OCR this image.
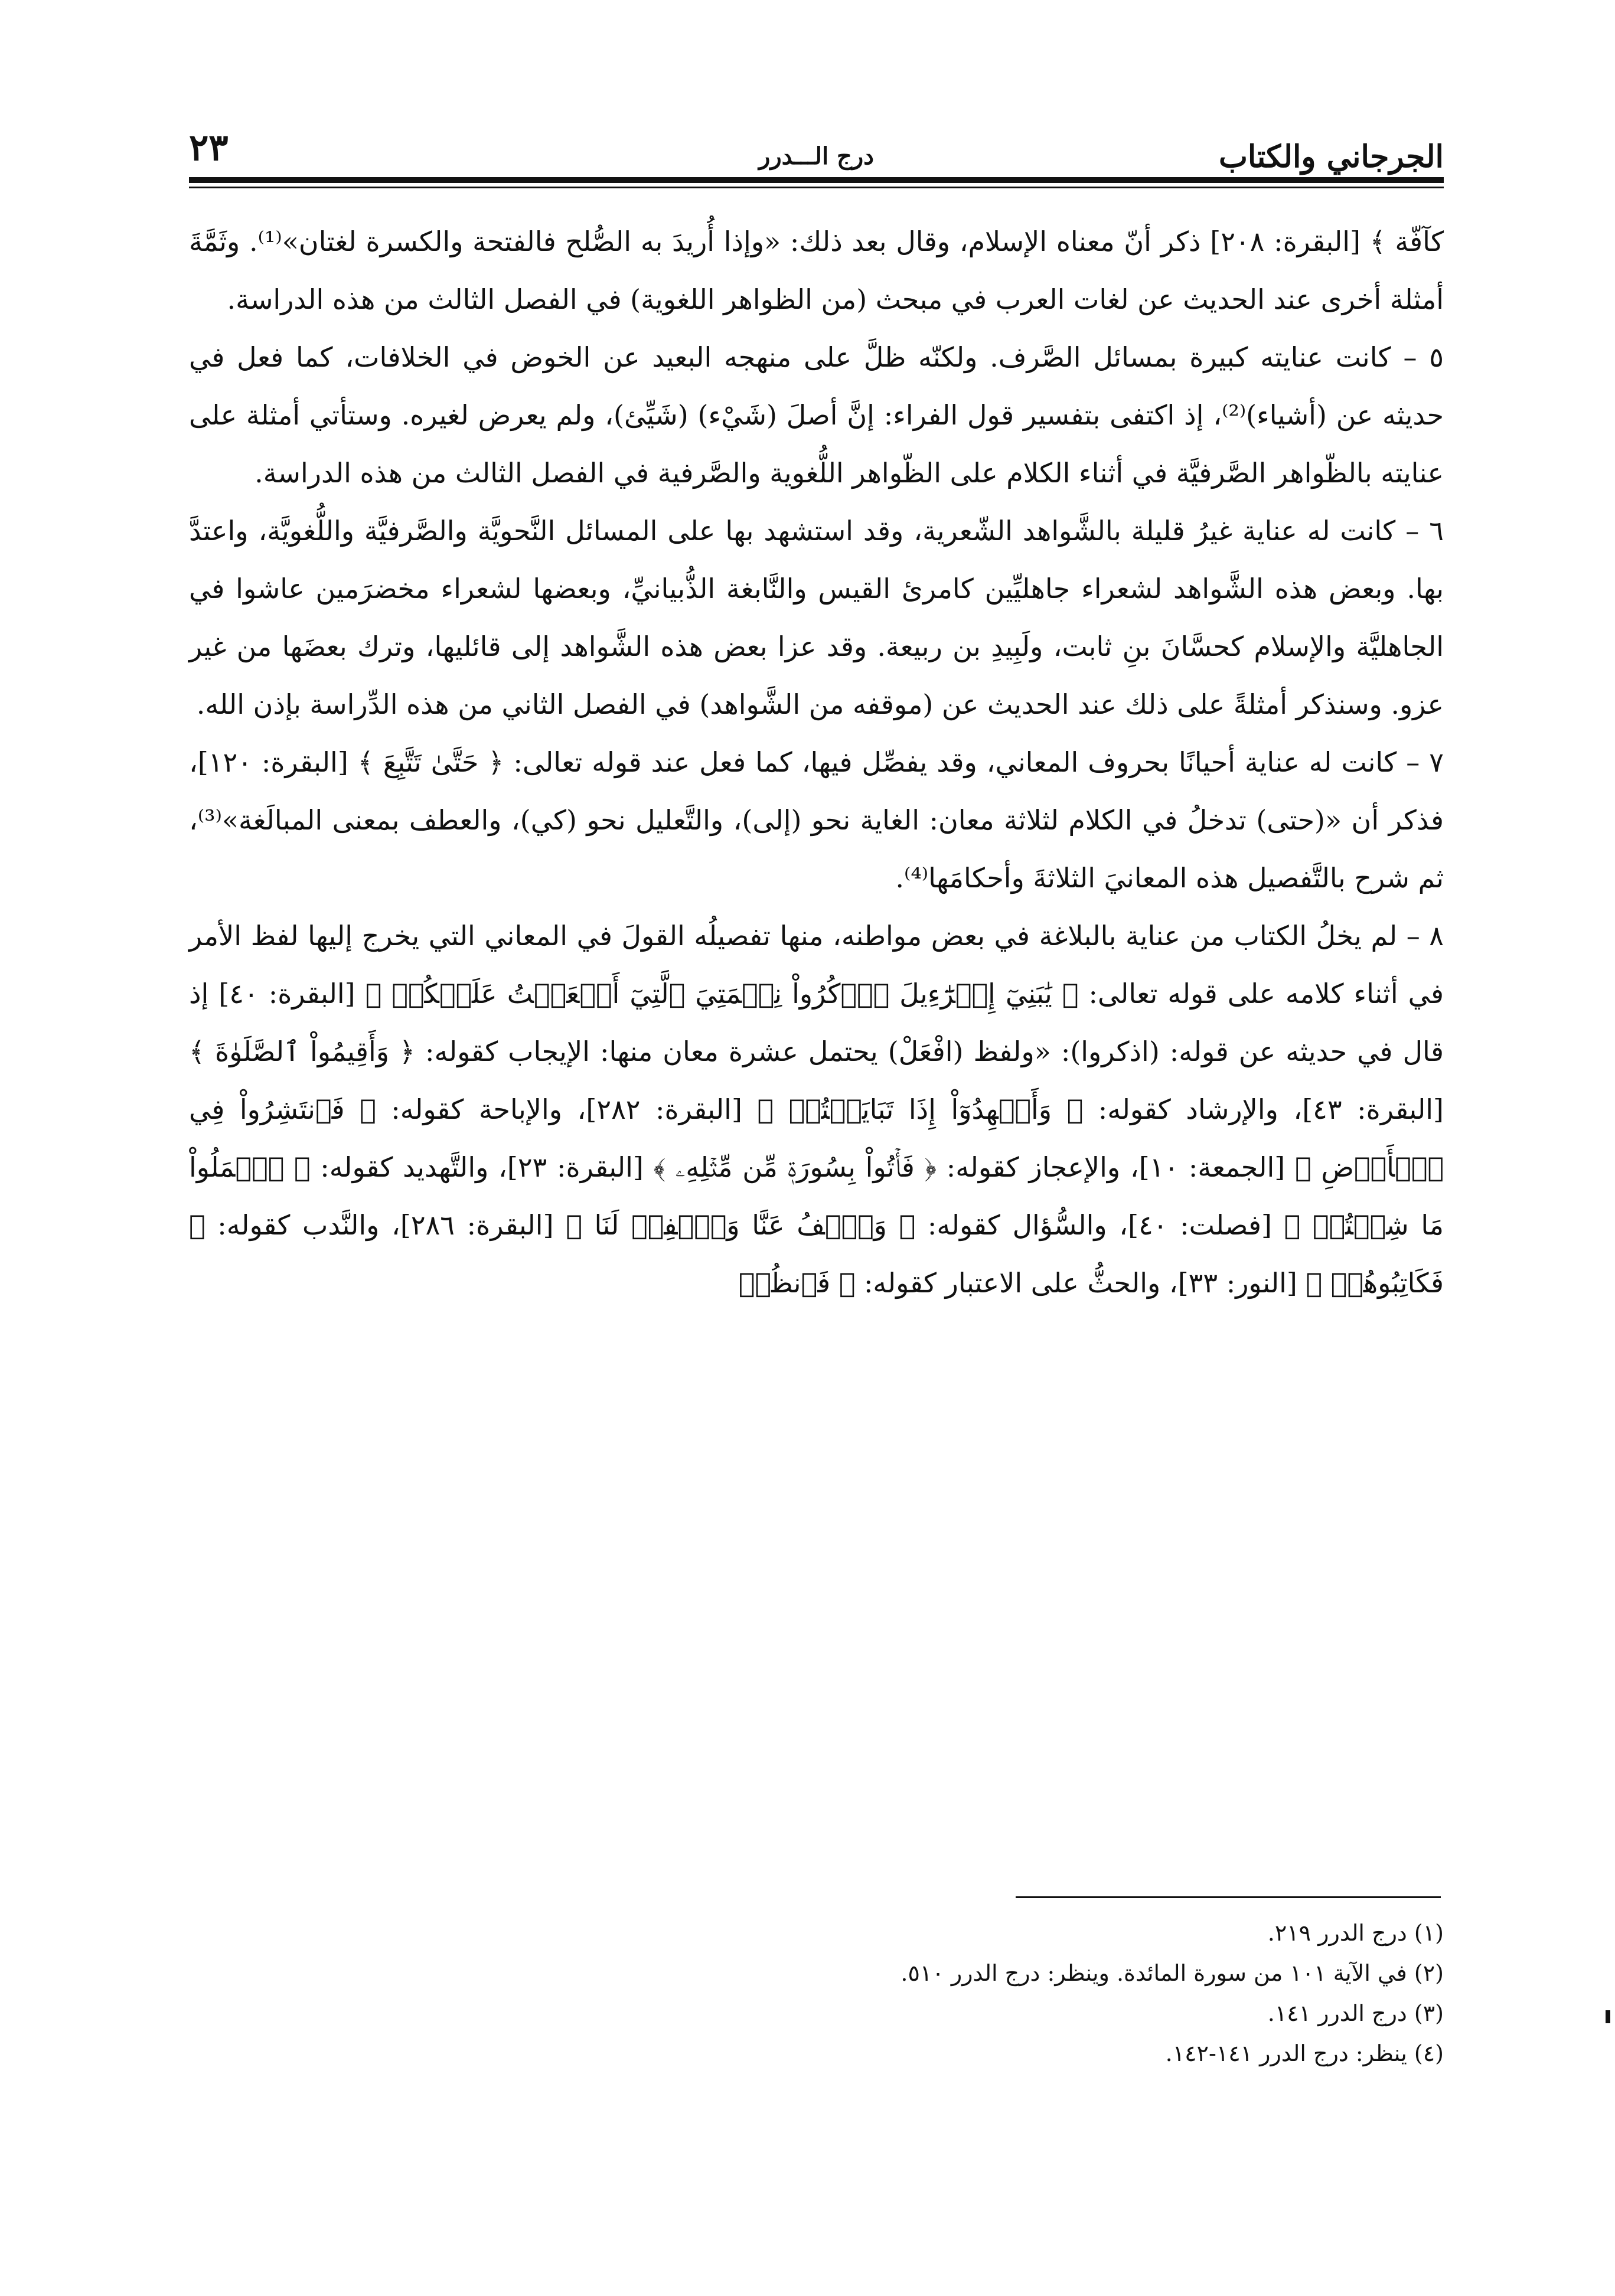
الجرجاني والكتاب
درج الـــدرر
٢٣

ﮐﺂﻓّﺔ ﴾ [البقرة: ٢٠٨] ذكر أنّ معناه الإسلام، وقال بعد ذلك: «وإذا أُريدَ به الصُّلح فالفتحة والكسرة لغتان»⁽¹⁾. وثَمَّةَ أمثلة أخرى عند الحديث عن لغات العرب في مبحث (من الظواهر اللغوية) في الفصل الثالث من هذه الدراسة.

٥ – كانت عنايته كبيرة بمسائل الصَّرف. ولكنّه ظلَّ على منهجه البعيد عن الخوض في الخلافات، كما فعل في حديثه عن (أشياء)⁽²⁾، إذ اكتفى بتفسير قول الفراء: إنَّ أصلَ (شَيْء) (شَيِّئ)، ولم يعرض لغيره. وستأتي أمثلة على عنايته بالظّواهر الصَّرفيَّة في أثناء الكلام على الظّواهر اللُّغوية والصَّرفية في الفصل الثالث من هذه الدراسة.

٦ – كانت له عناية غيرُ قليلة بالشَّواهد الشّعرية، وقد استشهد بها على المسائل النَّحويَّة والصَّرفيَّة واللُّغويَّة، واعتدَّ بها. وبعض هذه الشَّواهد لشعراء جاهليِّين كامرئ القيس والنَّابغة الذُّبيانيِّ، وبعضها لشعراء مخضرَمين عاشوا في الجاهليَّة والإسلام كحسَّانَ بنِ ثابت، ولَبِيدِ بن ربيعة. وقد عزا بعض هذه الشَّواهد إلى قائليها، وترك بعضَها من غير عزو. وسنذكر أمثلةً على ذلك عند الحديث عن (موقفه من الشَّواهد) في الفصل الثاني من هذه الدِّراسة بإذن الله.

٧ – كانت له عناية أحيانًا بحروف المعاني، وقد يفصِّل فيها، كما فعل عند قوله تعالى: ﴿ حَتَّىٰ تَتَّبِعَ ﴾ [البقرة: ١٢٠]، فذكر أن «(حتى) تدخلُ في الكلام لثلاثة معان: الغاية نحو (إلى)، والتَّعليل نحو (كي)، والعطف بمعنى المبالَغة»⁽³⁾، ثم شرح بالتَّفصيل هذه المعانيَ الثلاثةَ وأحكامَها⁽⁴⁾.

٨ – لم يخلُ الكتاب من عناية بالبلاغة في بعض مواطنه، منها تفصيلُه القولَ في المعاني التي يخرج إليها لفظ الأمر في أثناء كلامه على قوله تعالى: ﴿ يَٰبَنِيٓ إِسۡرَٰٓءِيلَ ٱذۡكُرُواْ نِعۡمَتِيَ ٱلَّتِيٓ أَنۡعَمۡتُ عَلَيۡكُمۡ ﴾ [البقرة: ٤٠] إذ قال في حديثه عن قوله: (اذكروا): «ولفظ (افْعَلْ) يحتمل عشرة معان منها: الإيجاب كقوله: ﴿ وَأَقِيمُواْ ٱلصَّلَوٰةَ ﴾ [البقرة: ٤٣]، والإرشاد كقوله: ﴿ وَأَشۡهِدُوٓاْ إِذَا تَبَايَعۡتُمۡ ﴾ [البقرة: ٢٨٢]، والإباحة كقوله: ﴿ فَٱنتَشِرُواْ فِي ٱلۡأَرۡضِ ﴾ [الجمعة: ١٠]، والإعجاز كقوله: ﴿ فَأۡتُواْ بِسُورَةٖ مِّن مِّثۡلِهِۦ ﴾ [البقرة: ٢٣]، والتَّهديد كقوله: ﴿ ٱعۡمَلُواْ مَا شِئۡتُمۡ ﴾ [فصلت: ٤٠]، والسُّؤال كقوله: ﴿ وَٱعۡفُ عَنَّا وَٱغۡفِرۡ لَنَا ﴾ [البقرة: ٢٨٦]، والنَّدب كقوله: ﴿ فَكَاتِبُوهُمۡ ﴾ [النور: ٣٣]، والحثُّ على الاعتبار كقوله: ﴿ فَٱنظُرۡ

(١) درج الدرر ٢١٩.

(٢) في الآية ١٠١ من سورة المائدة. وينظر: درج الدرر ٥١٠.

(٣) درج الدرر ١٤١.

(٤) ينظر: درج الدرر ١٤١-١٤٢.
